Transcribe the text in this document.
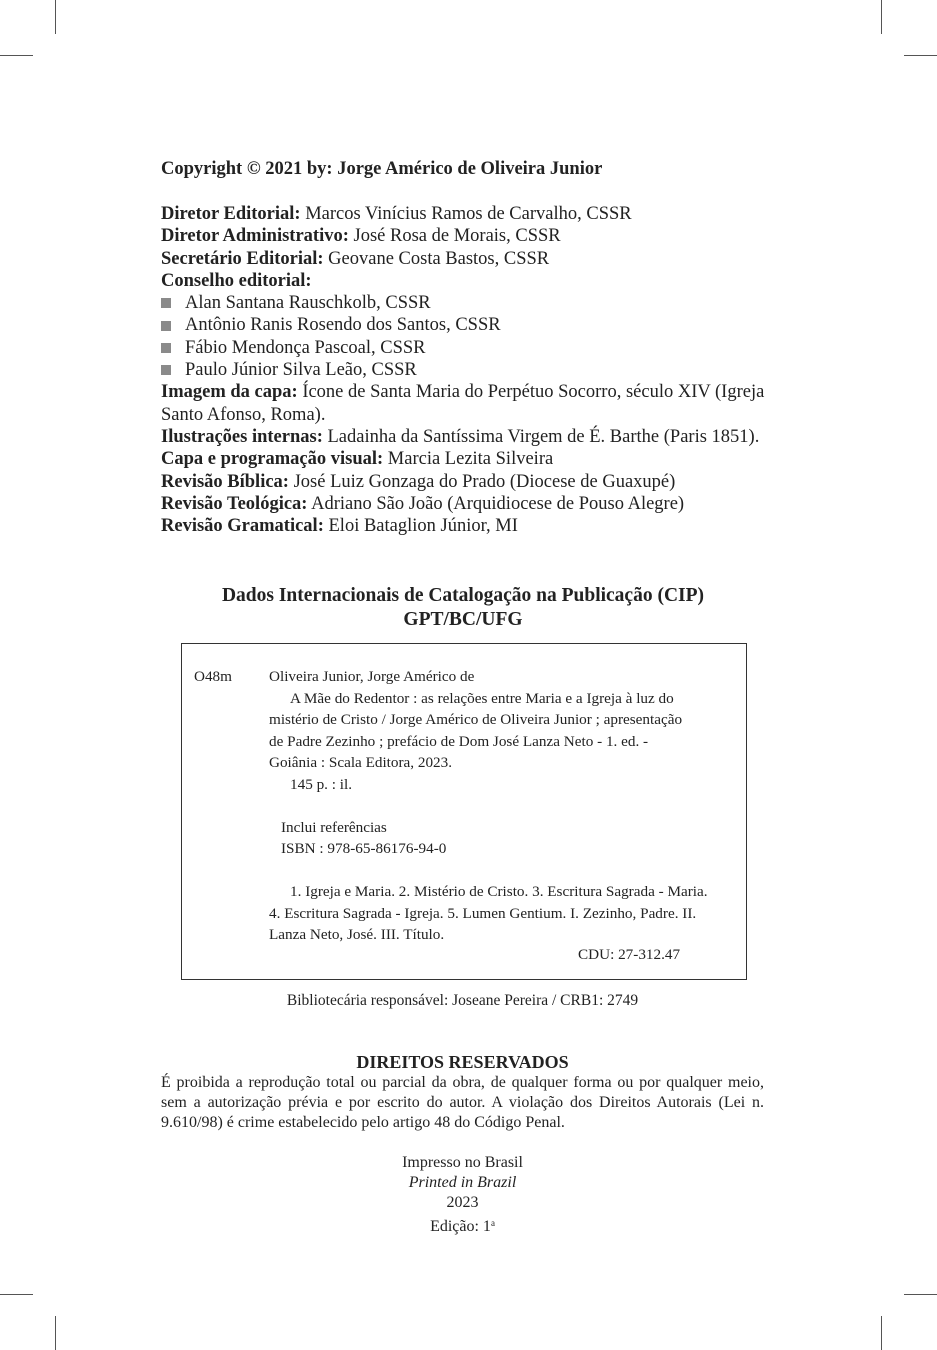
Copyright © 2021 by: Jorge Américo de Oliveira Junior
Diretor Editorial: Marcos Vinícius Ramos de Carvalho, CSSR
Diretor Administrativo: José Rosa de Morais, CSSR
Secretário Editorial: Geovane Costa Bastos, CSSR
Conselho editorial:
Alan Santana Rauschkolb, CSSR
Antônio Ranis Rosendo dos Santos, CSSR
Fábio Mendonça Pascoal, CSSR
Paulo Júnior Silva Leão, CSSR
Imagem da capa: Ícone de Santa Maria do Perpétuo Socorro, século XIV (Igreja Santo Afonso, Roma).
Ilustrações internas: Ladainha da Santíssima Virgem de É. Barthe (Paris 1851).
Capa e programação visual: Marcia Lezita Silveira
Revisão Bíblica: José Luiz Gonzaga do Prado (Diocese de Guaxupé)
Revisão Teológica: Adriano São João (Arquidiocese de Pouso Alegre)
Revisão Gramatical: Eloi Bataglion Júnior, MI
Dados Internacionais de Catalogação na Publicação (CIP)
GPT/BC/UFG
O48m Oliveira Junior, Jorge Américo de
A Mãe do Redentor : as relações entre Maria e a Igreja à luz do
mistério de Cristo / Jorge Américo de Oliveira Junior ; apresentação
de Padre Zezinho ; prefácio de Dom José Lanza Neto - 1. ed. -
Goiânia : Scala Editora, 2023.
145 p. : il.
Inclui referências
ISBN : 978-65-86176-94-0
1. Igreja e Maria. 2. Mistério de Cristo. 3. Escritura Sagrada - Maria.
4. Escritura Sagrada - Igreja. 5. Lumen Gentium. I. Zezinho, Padre. II.
Lanza Neto, José. III. Título.
CDU: 27-312.47
Bibliotecária responsável: Joseane Pereira / CRB1: 2749
DIREITOS RESERVADOS
É proibida a reprodução total ou parcial da obra, de qualquer forma ou por qualquer meio, sem a autorização prévia e por escrito do autor. A violação dos Direitos Autorais (Lei n. 9.610/98) é crime estabelecido pelo artigo 48 do Código Penal.
Impresso no Brasil
Printed in Brazil
2023
Edição: 1$^a$
